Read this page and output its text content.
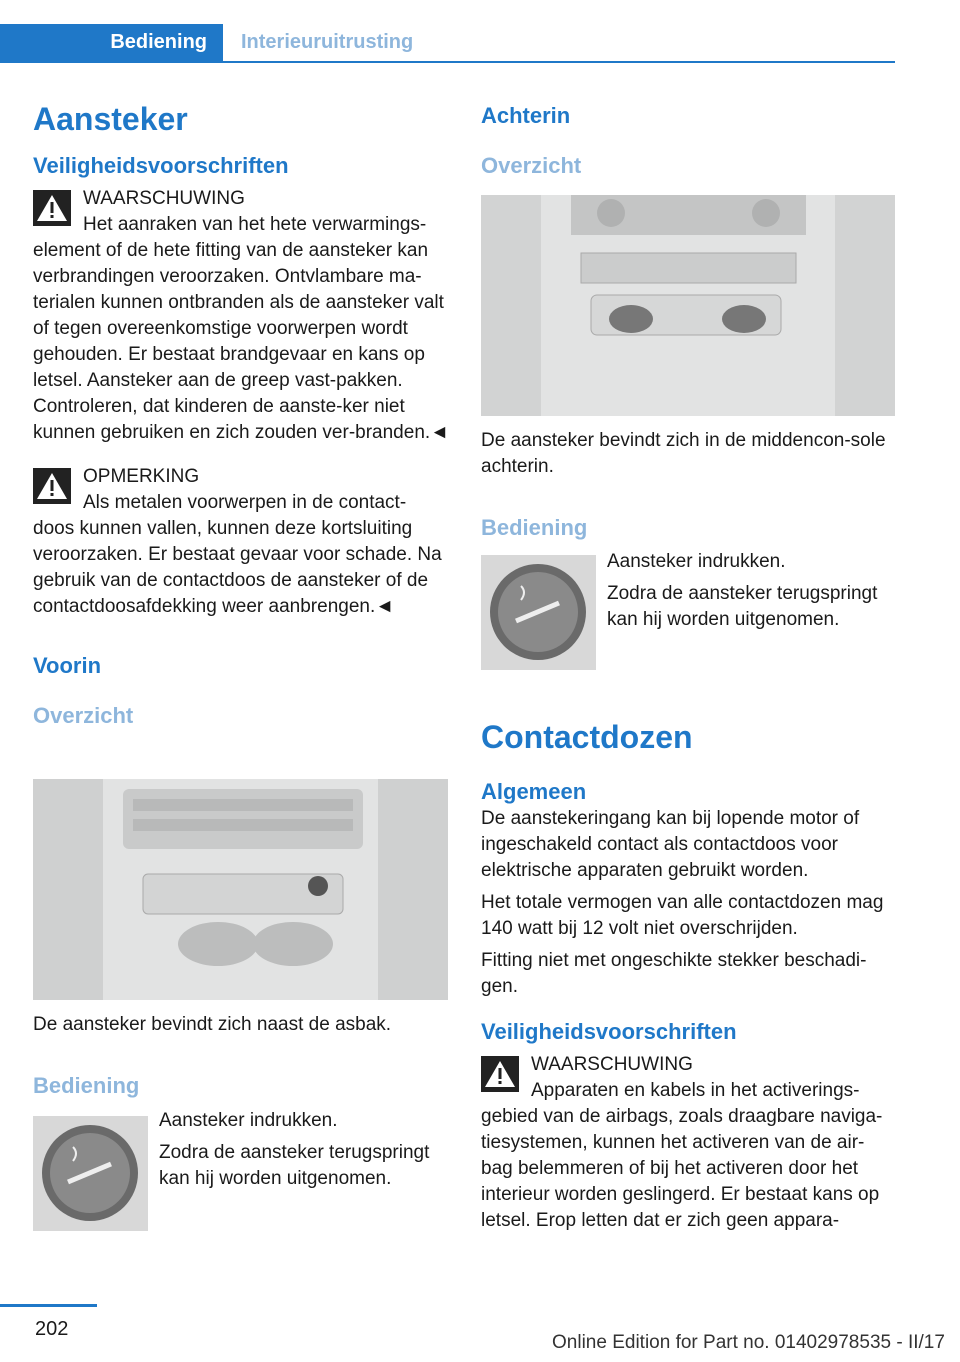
Bediening	Interieuruitrusting
Aansteker
Veiligheidsvoorschriften

WAARSCHUWING

Het aanraken van het hete verwarmings-

element of de hete fitting van de aansteker kan verbrandingen veroorzaken. Ontvlambare ma-terialen kunnen ontbranden als de aansteker valt of tegen overeenkomstige voorwerpen wordt gehouden. Er bestaat brandgevaar en kans op letsel. Aansteker aan de greep vast-pakken. Controleren, dat kinderen de aanste-ker niet kunnen gebruiken en zich zouden ver-branden.◄

OPMERKING

Als metalen voorwerpen in de contact-

doos kunnen vallen, kunnen deze kortsluiting veroorzaken. Er bestaat gevaar voor schade. Na gebruik van de contactdoos de aansteker of de contactdoosafdekking weer aanbrengen.◄

Voorin
Overzicht

De aansteker bevindt zich naast de asbak.

Bediening

Aansteker indrukken.

Zodra de aansteker terugspringt kan hij worden uitgenomen.

Achterin
Overzicht

De aansteker bevindt zich in de middencon-sole achterin.

Bediening

Aansteker indrukken.

Zodra de aansteker terugspringt kan hij worden uitgenomen.

Contactdozen
Algemeen

De aanstekeringang kan bij lopende motor of ingeschakeld contact als contactdoos voor elektrische apparaten gebruikt worden.

Het totale vermogen van alle contactdozen mag 140 watt bij 12 volt niet overschrijden.

Fitting niet met ongeschikte stekker beschadi-gen.

Veiligheidsvoorschriften

WAARSCHUWING

Apparaten en kabels in het activerings-

gebied van de airbags, zoals draagbare naviga-tiesystemen, kunnen het activeren van de air-bag belemmeren of bij het activeren door het interieur worden geslingerd. Er bestaat kans op letsel. Erop letten dat er zich geen appara-

202
Online Edition for Part no. 01402978535 - II/17
